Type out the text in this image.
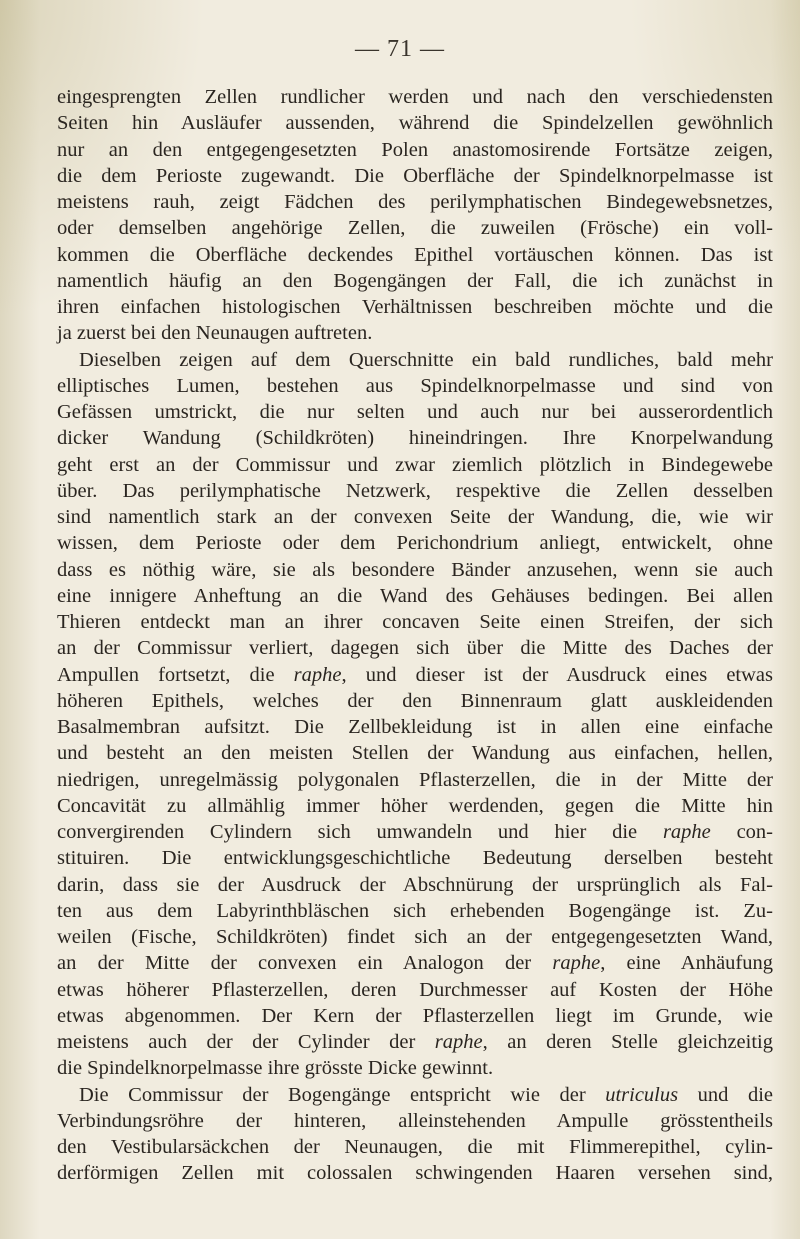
— 71 —
eingesprengten Zellen rundlicher werden und nach den verschiedensten
Seiten hin Ausläufer aussenden, während die Spindelzellen gewöhnlich
nur an den entgegengesetzten Polen anastomosirende Fortsätze zeigen,
die dem Perioste zugewandt. Die Oberfläche der Spindelknorpelmasse ist
meistens rauh, zeigt Fädchen des perilymphatischen Bindegewebsnetzes,
oder demselben angehörige Zellen, die zuweilen (Frösche) ein voll-
kommen die Oberfläche deckendes Epithel vortäuschen können. Das ist
namentlich häufig an den Bogengängen der Fall, die ich zunächst in
ihren einfachen histologischen Verhältnissen beschreiben möchte und die
ja zuerst bei den Neunaugen auftreten.
Dieselben zeigen auf dem Querschnitte ein bald rundliches, bald mehr
elliptisches Lumen, bestehen aus Spindelknorpelmasse und sind von
Gefässen umstrickt, die nur selten und auch nur bei ausserordentlich
dicker Wandung (Schildkröten) hineindringen. Ihre Knorpelwandung
geht erst an der Commissur und zwar ziemlich plötzlich in Bindegewebe
über. Das perilymphatische Netzwerk, respektive die Zellen desselben
sind namentlich stark an der convexen Seite der Wandung, die, wie wir
wissen, dem Perioste oder dem Perichondrium anliegt, entwickelt, ohne
dass es nöthig wäre, sie als besondere Bänder anzusehen, wenn sie auch
eine innigere Anheftung an die Wand des Gehäuses bedingen. Bei allen
Thieren entdeckt man an ihrer concaven Seite einen Streifen, der sich
an der Commissur verliert, dagegen sich über die Mitte des Daches der
Ampullen fortsetzt, die raphe, und dieser ist der Ausdruck eines etwas
höheren Epithels, welches der den Binnenraum glatt auskleidenden
Basalmembran aufsitzt. Die Zellbekleidung ist in allen eine einfache
und besteht an den meisten Stellen der Wandung aus einfachen, hellen,
niedrigen, unregelmässig polygonalen Pflasterzellen, die in der Mitte der
Concavität zu allmählig immer höher werdenden, gegen die Mitte hin
convergirenden Cylindern sich umwandeln und hier die raphe con-
stituiren. Die entwicklungsgeschichtliche Bedeutung derselben besteht
darin, dass sie der Ausdruck der Abschnürung der ursprünglich als Fal-
ten aus dem Labyrinthbläschen sich erhebenden Bogengänge ist. Zu-
weilen (Fische, Schildkröten) findet sich an der entgegengesetzten Wand,
an der Mitte der convexen ein Analogon der raphe, eine Anhäufung
etwas höherer Pflasterzellen, deren Durchmesser auf Kosten der Höhe
etwas abgenommen. Der Kern der Pflasterzellen liegt im Grunde, wie
meistens auch der der Cylinder der raphe, an deren Stelle gleichzeitig
die Spindelknorpelmasse ihre grösste Dicke gewinnt.
Die Commissur der Bogengänge entspricht wie der utriculus und die
Verbindungsröhre der hinteren, alleinstehenden Ampulle grösstentheils
den Vestibularsäckchen der Neunaugen, die mit Flimmerepithel, cylin-
derförmigen Zellen mit colossalen schwingenden Haaren versehen sind,
